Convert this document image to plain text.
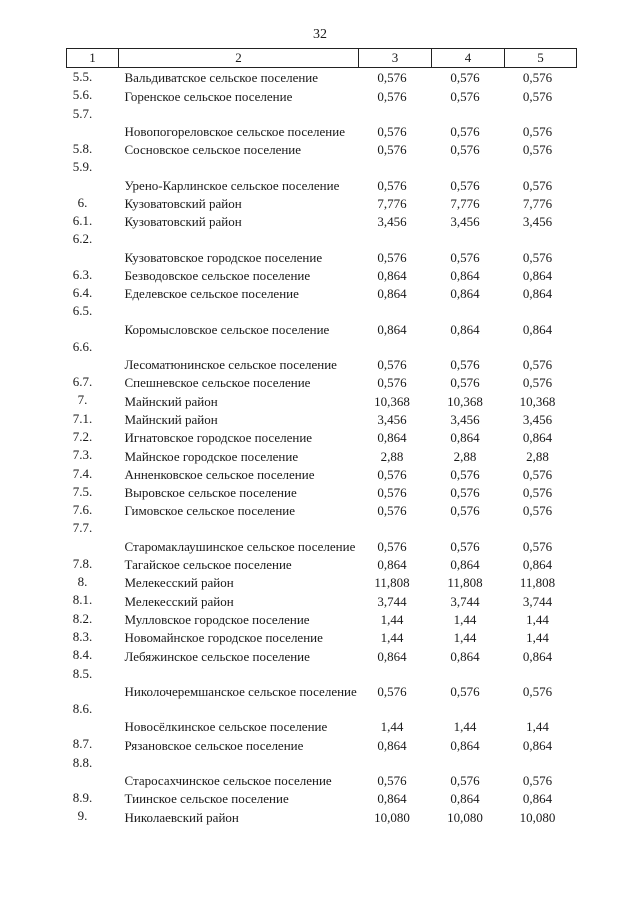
32
1	2	3	4	5
5.5.	Вальдиватское сельское поселение	0,576	0,576	0,576
5.6.	Горенское сельское поселение	0,576	0,576	0,576
5.7.	Новопогореловское сельское поселение	0,576	0,576	0,576
5.8.	Сосновское сельское поселение	0,576	0,576	0,576
5.9.	Урено-Карлинское сельское поселение	0,576	0,576	0,576
6.	Кузоватовский район	7,776	7,776	7,776
6.1.	Кузоватовский район	3,456	3,456	3,456
6.2.	Кузоватовское городское поселение	0,576	0,576	0,576
6.3.	Безводовское сельское поселение	0,864	0,864	0,864
6.4.	Еделевское сельское поселение	0,864	0,864	0,864
6.5.	Коромысловское сельское поселение	0,864	0,864	0,864
6.6.	Лесоматюнинское сельское поселение	0,576	0,576	0,576
6.7.	Спешневское сельское поселение	0,576	0,576	0,576
7.	Майнский район	10,368	10,368	10,368
7.1.	Майнский район	3,456	3,456	3,456
7.2.	Игнатовское городское поселение	0,864	0,864	0,864
7.3.	Майнское городское поселение	2,88	2,88	2,88
7.4.	Анненковское сельское поселение	0,576	0,576	0,576
7.5.	Выровское сельское поселение	0,576	0,576	0,576
7.6.	Гимовское сельское поселение	0,576	0,576	0,576
7.7.	Старомаклаушинское сельское поселение	0,576	0,576	0,576
7.8.	Тагайское сельское поселение	0,864	0,864	0,864
8.	Мелекесский район	11,808	11,808	11,808
8.1.	Мелекесский район	3,744	3,744	3,744
8.2.	Мулловское городское поселение	1,44	1,44	1,44
8.3.	Новомайнское городское поселение	1,44	1,44	1,44
8.4.	Лебяжинское сельское поселение	0,864	0,864	0,864
8.5.	Николочеремшанское сельское поселение	0,576	0,576	0,576
8.6.	Новосёлкинское сельское поселение	1,44	1,44	1,44
8.7.	Рязановское сельское поселение	0,864	0,864	0,864
8.8.	Старосахчинское сельское поселение	0,576	0,576	0,576
8.9.	Тиинское сельское поселение	0,864	0,864	0,864
9.	Николаевский район	10,080	10,080	10,080
